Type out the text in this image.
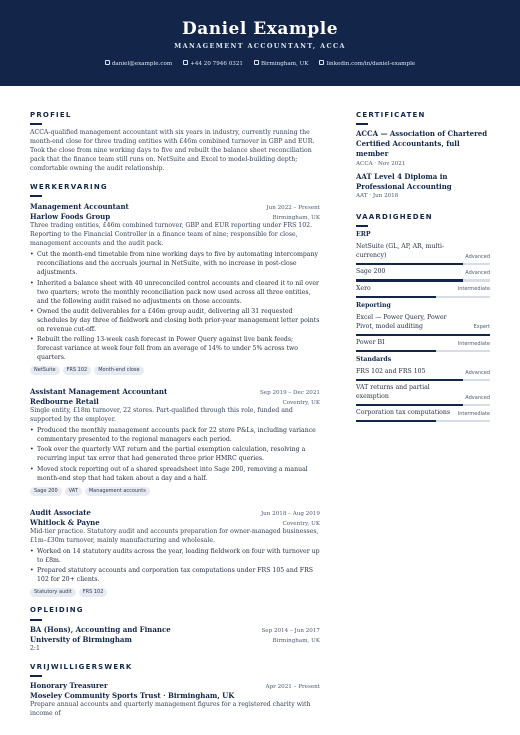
Daniel Example
MANAGEMENT ACCOUNTANT, ACCA
daniel@example.com	+44 20 7946 0321	Birmingham, UK	linkedin.com/in/daniel-example
PROFIEL
ACCA-qualified management accountant with six years in industry, currently running the month-end close for three trading entities with £46m combined turnover in GBP and EUR. Took the close from nine working days to five and rebuilt the balance sheet reconciliation pack that the finance team still runs on. NetSuite and Excel to model-building depth; comfortable owning the audit relationship.
WERKERVARING
Management Accountant	Jun 2022 – Present
Harlow Foods Group	Birmingham, UK
Three trading entities, £46m combined turnover, GBP and EUR reporting under FRS 102. Reporting to the Financial Controller in a finance team of nine; responsible for close, management accounts and the audit pack.
• Cut the month-end timetable from nine working days to five by automating intercompany reconciliations and the accruals journal in NetSuite, with no increase in post-close adjustments.
• Inherited a balance sheet with 40 unreconciled control accounts and cleared it to nil over two quarters; wrote the monthly reconciliation pack now used across all three entities, and the following audit raised no adjustments on those accounts.
• Owned the audit deliverables for a £46m group audit, delivering all 31 requested schedules by day three of fieldwork and closing both prior-year management letter points on revenue cut-off.
• Rebuilt the rolling 13-week cash forecast in Power Query against live bank feeds; forecast variance at week four fell from an average of 14% to under 5% across two quarters.
NetSuite	FRS 102	Month-end close
Assistant Management Accountant	Sep 2019 – Dec 2021
Redbourne Retail	Coventry, UK
Single entity, £18m turnover, 22 stores. Part-qualified through this role, funded and supported by the employer.
• Produced the monthly management accounts pack for 22 store P&Ls, including variance commentary presented to the regional managers each period.
• Took over the quarterly VAT return and the partial exemption calculation, resolving a recurring input tax error that had generated three prior HMRC queries.
• Moved stock reporting out of a shared spreadsheet into Sage 200, removing a manual month-end step that had taken about a day and a half.
Sage 200	VAT	Management accounts
Audit Associate	Jun 2018 – Aug 2019
Whitlock & Payne	Coventry, UK
Mid-tier practice. Statutory audit and accounts preparation for owner-managed businesses, £1m–£30m turnover, mainly manufacturing and wholesale.
• Worked on 14 statutory audits across the year, leading fieldwork on four with turnover up to £8m.
• Prepared statutory accounts and corporation tax computations under FRS 105 and FRS 102 for 20+ clients.
Statutory audit	FRS 102
OPLEIDING
BA (Hons), Accounting and Finance	Sep 2014 – Jun 2017
University of Birmingham	Birmingham, UK
2:1
VRIJWILLIGERSWERK
Honorary Treasurer	Apr 2021 – Present
Moseley Community Sports Trust · Birmingham, UK
Prepare annual accounts and quarterly management figures for a registered charity with income of
CERTIFICATEN
ACCA — Association of Chartered Certified Accountants, full member
ACCA · Nov 2021
AAT Level 4 Diploma in Professional Accounting
AAT · Jun 2018
VAARDIGHEDEN
ERP
NetSuite (GL, AP, AR, multi-currency)	Advanced
Sage 200	Advanced
Xero	Intermediate
Reporting
Excel — Power Query, Power Pivot, model auditing	Expert
Power BI	Intermediate
Standards
FRS 102 and FRS 105	Advanced
VAT returns and partial exemption	Advanced
Corporation tax computations Intermediate
